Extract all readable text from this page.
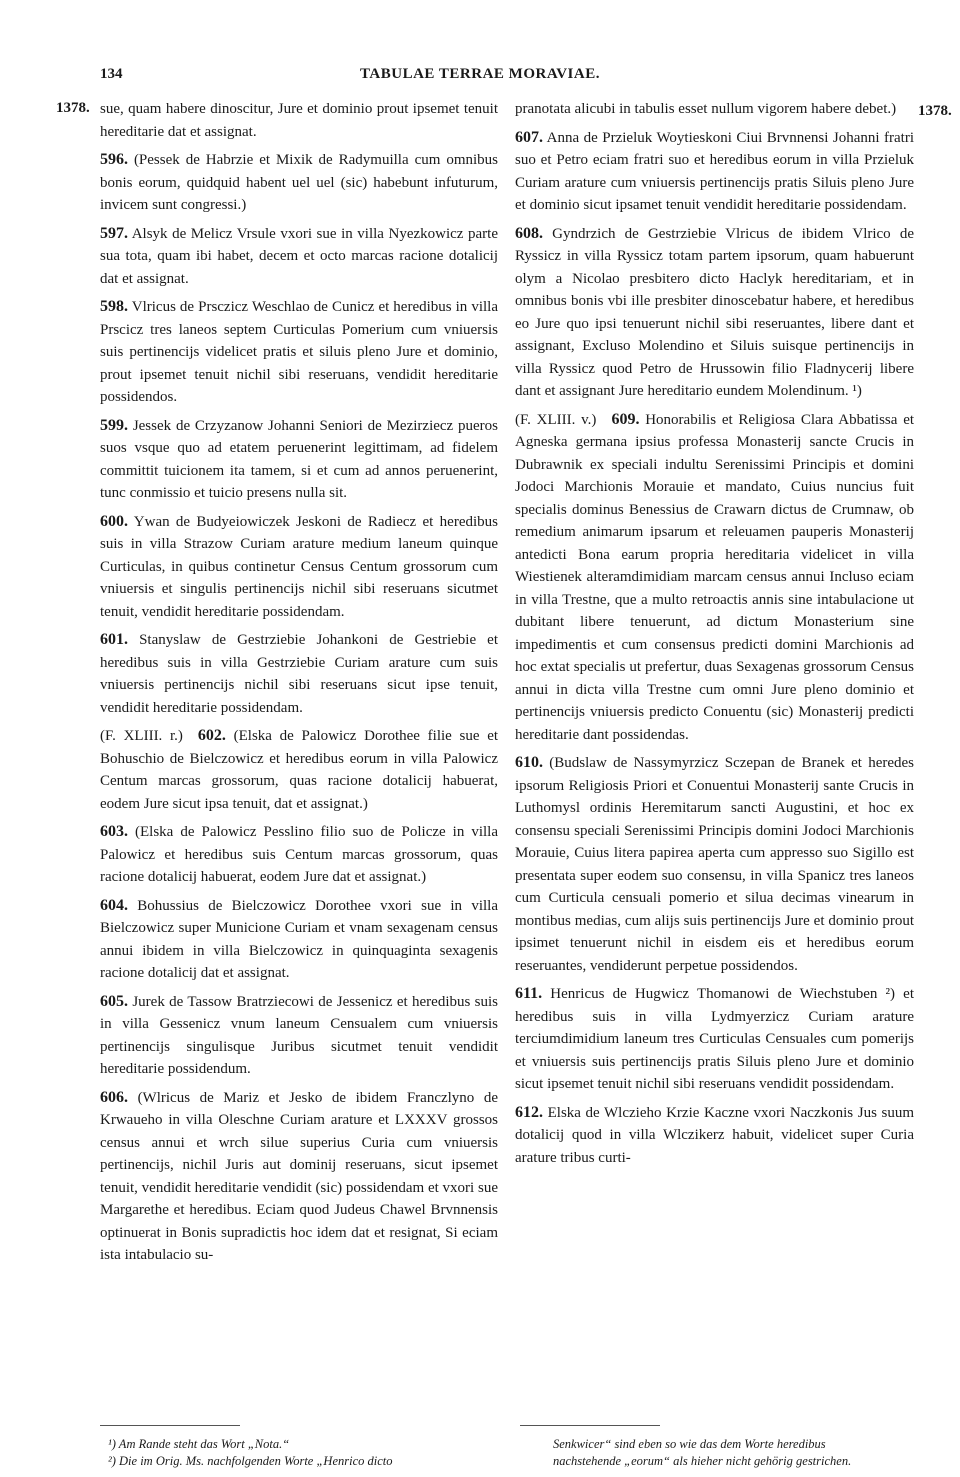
134	TABULAE TERRAE MORAVIAE.
1378.	1378.

sue, quam habere dinoscitur, Jure et dominio prout ipsemet tenuit hereditarie dat et assignat.

596. (Pessek de Habrzie et Mixik de Radymuilla cum omnibus bonis eorum, quidquid habent uel uel (sic) habebunt infuturum, invicem sunt congressi.)

597. Alsyk de Melicz Vrsule vxori sue in villa Nyezkowicz parte sua tota, quam ibi habet, decem et octo marcas racione dotalicij dat et assignat.

598. Vlricus de Prsczicz Weschlao de Cunicz et heredibus in villa Prscicz tres laneos septem Curticulas Pomerium cum vniuersis suis pertinencijs videlicet pratis et siluis pleno Jure et dominio, prout ipsemet tenuit nichil sibi reseruans, vendidit hereditarie possidendos.

599. Jessek de Crzyzanow Johanni Seniori de Mezirziecz pueros suos vsque quo ad etatem peruenerint legittimam, ad fidelem committit tuicionem ita tamem, si et cum ad annos peruenerint, tunc conmissio et tuicio presens nulla sit.

600. Ywan de Budyeiowiczek Jeskoni de Radiecz et heredibus suis in villa Strazow Curiam arature medium laneum quinque Curticulas, in quibus continetur Census Centum grossorum cum vniuersis et singulis pertinencijs nichil sibi reseruans sicutmet tenuit, vendidit hereditarie possidendam.

601. Stanyslaw de Gestrziebie Johankoni de Gestriebie et heredibus suis in villa Gestrziebie Curiam arature cum suis vniuersis pertinencijs nichil sibi reseruans sicut ipse tenuit, vendidit hereditarie possidendam.

(F. XLIII. r.)  602. (Elska de Palowicz Dorothee filie sue et Bohuschio de Bielczowicz et heredibus eorum in villa Palowicz Centum marcas grossorum, quas racione dotalicij habuerat, eodem Jure sicut ipsa tenuit, dat et assignat.)

603. (Elska de Palowicz Pesslino filio suo de Policze in villa Palowicz et heredibus suis Centum marcas grossorum, quas racione dotalicij habuerat, eodem Jure dat et assignat.)

604. Bohussius de Bielczowicz Dorothee vxori sue in villa Bielczowicz super Municione Curiam et vnam sexagenam census annui ibidem in villa Bielczowicz in quinquaginta sexagenis racione dotalicij dat et assignat.

605. Jurek de Tassow Bratrziecowi de Jessenicz et heredibus suis in villa Gessenicz vnum laneum Censualem cum vniuersis pertinencijs singulisque Juribus sicutmet tenuit vendidit hereditarie possidendum.

606. (Wlricus de Mariz et Jesko de ibidem Franczlyno de Krwaueho in villa Oleschne Curiam arature et LXXXV grossos census annui et wrch silue superius Curia cum vniuersis pertinencijs, nichil Juris aut dominij reseruans, sicut ipsemet tenuit, vendidit hereditarie vendidit (sic) possidendam et vxori sue Margarethe et heredibus. Eciam quod Judeus Chawel Brvnnensis optinuerat in Bonis supradictis hoc idem dat et resignat, Si eciam ista intabulacio su-

pranotata alicubi in tabulis esset nullum vigorem habere debet.)

607. Anna de Przieluk Woytieskoni Ciui Brvnnensi Johanni fratri suo et Petro eciam fratri suo et heredibus eorum in villa Przieluk Curiam arature cum vniuersis pertinencijs pratis Siluis pleno Jure et dominio sicut ipsamet tenuit vendidit hereditarie possidendam.

608. Gyndrzich de Gestrziebie Vlricus de ibidem Vlrico de Ryssicz in villa Ryssicz totam partem ipsorum, quam habuerunt olym a Nicolao presbitero dicto Haclyk hereditariam, et in omnibus bonis vbi ille presbiter dinoscebatur habere, et heredibus eo Jure quo ipsi tenuerunt nichil sibi reseruantes, libere dant et assignant, Excluso Molendino et Siluis suisque pertinencijs in villa Ryssicz quod Petro de Hrussowin filio Fladnycerij libere dant et assignant Jure hereditario eundem Molendinum. ¹)

(F. XLIII. v.)  609. Honorabilis et Religiosa Clara Abbatissa et Agneska germana ipsius professa Monasterij sancte Crucis in Dubrawnik ex speciali indultu Serenissimi Principis et domini Jodoci Marchionis Morauie et mandato, Cuius nuncius fuit specialis dominus Benessius de Crawarn dictus de Crumnaw, ob remedium animarum ipsarum et releuamen pauperis Monasterij antedicti Bona earum propria hereditaria videlicet in villa Wiestienek alteramdimidiam marcam census annui Incluso eciam in villa Trestne, que a multo retroactis annis sine intabulacione ut dubitant libere tenuerunt, ad dictum Monasterium sine impedimentis et cum consensus predicti domini Marchionis ad hoc extat specialis ut prefertur, duas Sexagenas grossorum Census annui in dicta villa Trestne cum omni Jure pleno dominio et pertinencijs vniuersis predicto Conuentu (sic) Monasterij predicti hereditarie dant possidendas.

610. (Budslaw de Nassymyrzicz Sczepan de Branek et heredes ipsorum Religiosis Priori et Conuentui Monasterij sante Crucis in Luthomysl ordinis Heremitarum sancti Augustini, et hoc ex consensu speciali Serenissimi Principis domini Jodoci Marchionis Morauie, Cuius litera papirea aperta cum appresso suo Sigillo est presentata super eodem suo consensu, in villa Spanicz tres laneos cum Curticula censuali pomerio et silua decimas vinearum in montibus medias, cum alijs suis pertinencijs Jure et dominio prout ipsimet tenuerunt nichil in eisdem eis et heredibus eorum reseruantes, vendiderunt perpetue possidendos.

611. Henricus de Hugwicz Thomanowi de Wiechstuben ²) et heredibus suis in villa Lydmyerzicz Curiam arature terciumdimidium laneum tres Curticulas Censuales cum pomerijs et vniuersis suis pertinencijs pratis Siluis pleno Jure et dominio sicut ipsemet tenuit nichil sibi reseruans vendidit possidendam.

612. Elska de Wlczieho Krzie Kaczne vxori Naczkonis Jus suum dotalicij quod in villa Wlczikerz habuit, videlicet super Curia arature tribus curti-

¹) Am Rande steht das Wort „Nota.“
²) Die im Orig. Ms. nachfolgenden Worte „Henrico dicto
Senkwicer“ sind eben so wie das dem Worte heredibus
nachstehende „eorum“ als hieher nicht gehörig gestrichen.
